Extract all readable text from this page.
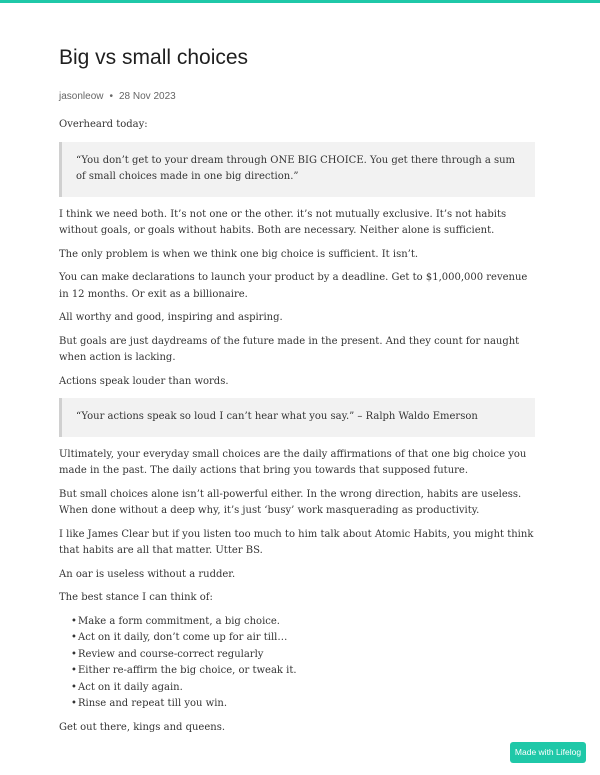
Big vs small choices
jasonleow • 28 Nov 2023

Overheard today:

“You don’t get to your dream through ONE BIG CHOICE. You get there through a sum of small choices made in one big direction.”

I think we need both. It’s not one or the other. it’s not mutually exclusive. It’s not habits without goals, or goals without habits. Both are necessary. Neither alone is sufficient.

The only problem is when we think one big choice is sufficient. It isn’t.

You can make declarations to launch your product by a deadline. Get to $1,000,000 revenue in 12 months. Or exit as a billionaire.

All worthy and good, inspiring and aspiring.

But goals are just daydreams of the future made in the present. And they count for naught when action is lacking.

Actions speak louder than words.

“Your actions speak so loud I can’t hear what you say.” – Ralph Waldo Emerson

Ultimately, your everyday small choices are the daily affirmations of that one big choice you made in the past. The daily actions that bring you towards that supposed future.

But small choices alone isn’t all-powerful either. In the wrong direction, habits are useless. When done without a deep why, it’s just ‘busy’ work masquerading as productivity.

I like James Clear but if you listen too much to him talk about Atomic Habits, you might think that habits are all that matter. Utter BS.

An oar is useless without a rudder.

The best stance I can think of:

• Make a form commitment, a big choice.
• Act on it daily, don’t come up for air till…
• Review and course-correct regularly
• Either re-affirm the big choice, or tweak it.
• Act on it daily again.
• Rinse and repeat till you win.

Get out there, kings and queens.

Made with Lifelog
